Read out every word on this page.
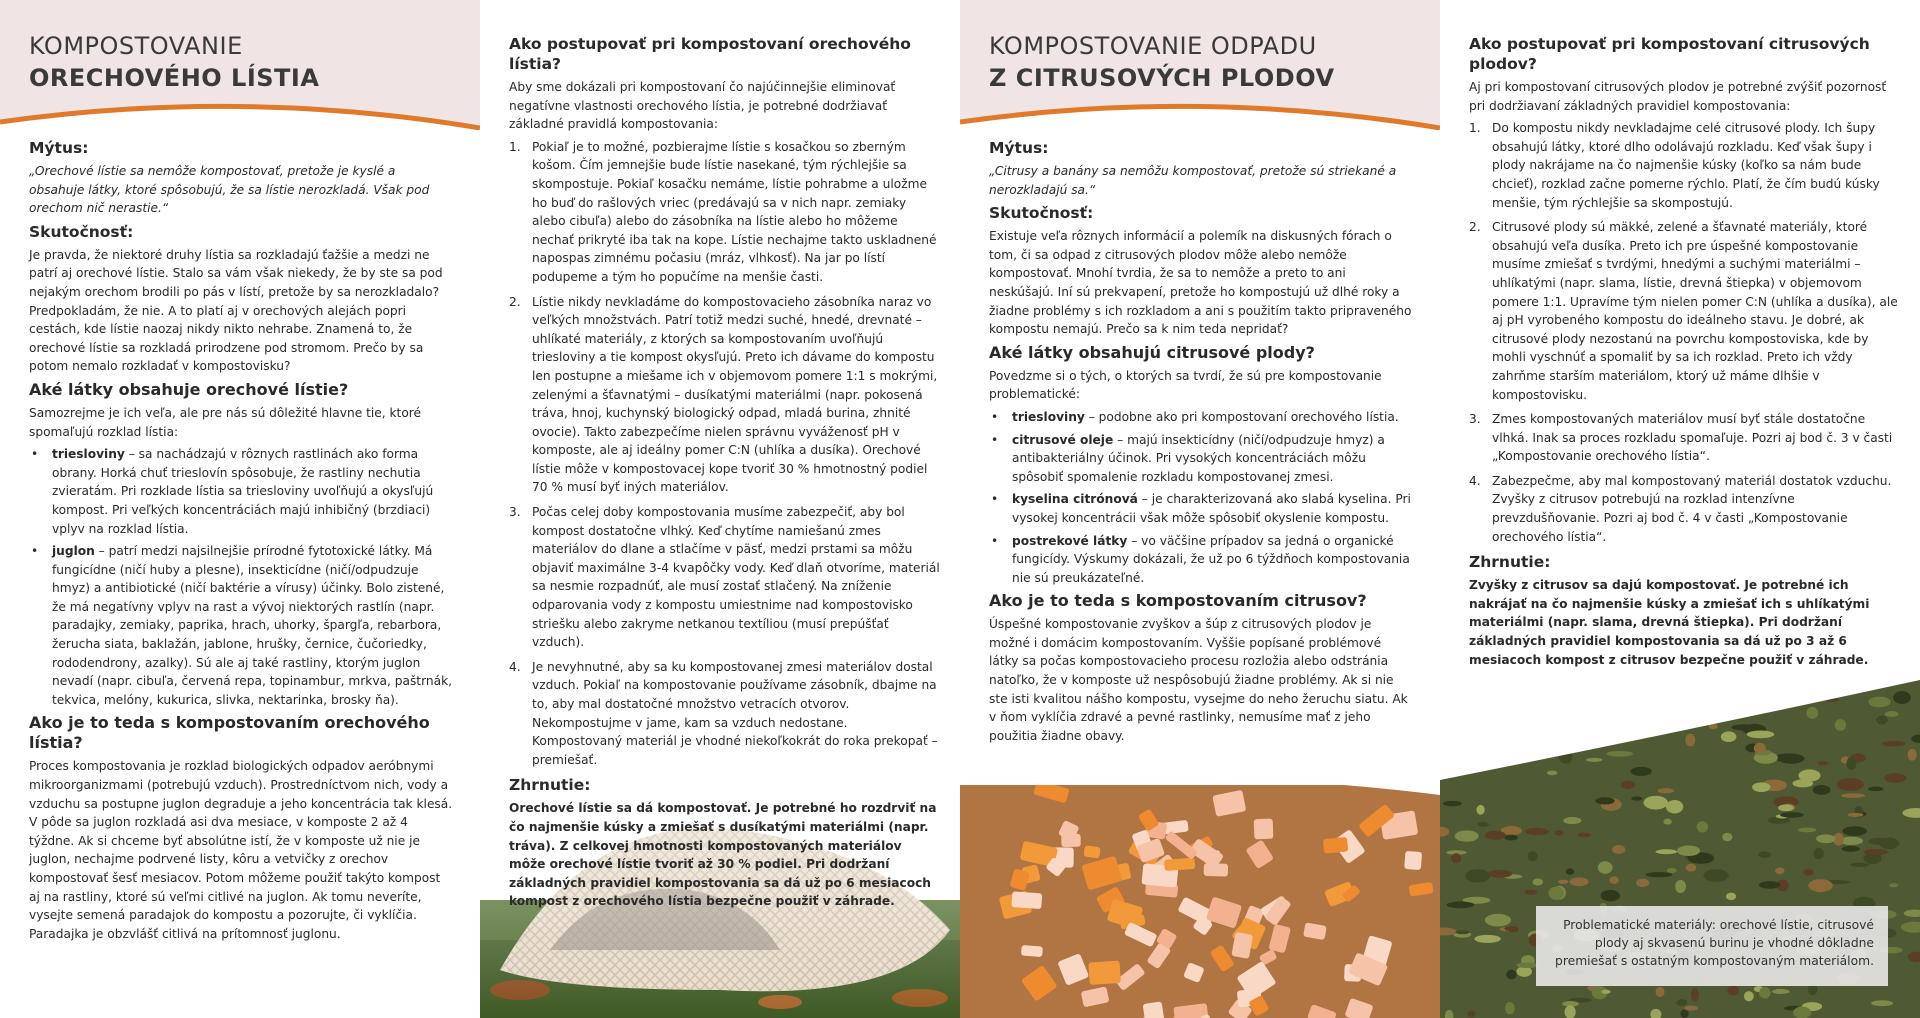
KOMPOSTOVANIE
ORECHOVÉHO LÍSTIA
Mýtus:

„Orechové lístie sa nemôže kompostovať, pretože je kyslé a obsahuje látky, ktoré spôsobujú, že sa lístie nerozkladá. Však pod orechom nič nerastie.“

Skutočnosť:

Je pravda, že niektoré druhy lístia sa rozkladajú ťažšie a medzi ne patrí aj orechové lístie. Stalo sa vám však niekedy, že by ste sa pod nejakým orechom brodili po pás v lístí, pretože by sa nerozkladalo? Predpokladám, že nie. A to platí aj v orechových alejách popri cestách, kde lístie naozaj nikdy nikto nehrabe. Znamená to, že orechové lístie sa rozkladá prirodzene pod stromom. Prečo by sa potom nemalo rozkladať v kompostovisku?

Aké látky obsahuje orechové lístie?

Samozrejme je ich veľa, ale pre nás sú dôležité hlavne tie, ktoré spomaľujú rozklad lístia:

• triesloviny – sa nachádzajú v rôznych rastlinách ako forma obrany. Horká chuť trieslovín spôsobuje, že rastliny nechutia zvieratám. Pri rozklade lístia sa triesloviny uvoľňujú a okysľujú kompost. Pri veľkých koncentráciách majú inhibičný (brzdiaci) vplyv na rozklad lístia.
• juglon – patrí medzi najsilnejšie prírodné fytotoxické látky. Má fungicídne (ničí huby a plesne), insekticídne (ničí/odpudzuje hmyz) a antibiotické (ničí baktérie a vírusy) účinky. Bolo zistené, že má negatívny vplyv na rast a vývoj niektorých rastlín (napr. paradajky, zemiaky, paprika, hrach, uhorky, špargľa, rebarbora, žerucha siata, baklažán, jablone, hrušky, černice, čučoriedky, rododendrony, azalky). Sú ale aj také rastliny, ktorým juglon nevadí (napr. cibuľa, červená repa, topinambur, mrkva, paštrnák, tekvica, melóny, kukurica, slivka, nektarinka, brosky ňa).
Ako je to teda s kompostovaním orechového lístia?

Proces kompostovania je rozklad biologických odpadov aeróbnymi mikroorganizmami (potrebujú vzduch). Prostredníctvom nich, vody a vzduchu sa postupne juglon degraduje a jeho koncentrácia tak klesá. V pôde sa juglon rozkladá asi dva mesiace, v komposte 2 až 4 týždne. Ak si chceme byť absolútne istí, že v komposte už nie je juglon, nechajme podrvené listy, kôru a vetvičky z orechov kompostovať šesť mesiacov. Potom môžeme použiť takýto kompost aj na rastliny, ktoré sú veľmi citlivé na juglon. Ak tomu neveríte, vysejte semená paradajok do kompostu a pozorujte, či vyklíčia. Paradajka je obzvlášť citlivá na prítomnosť juglonu.

Ako postupovať pri kompostovaní orechového lístia?

Aby sme dokázali pri kompostovaní čo najúčinnejšie eliminovať negatívne vlastnosti orechového lístia, je potrebné dodržiavať základné pravidlá kompostovania:

1. Pokiaľ je to možné, pozbierajme lístie s kosačkou so zberným košom. Čím jemnejšie bude lístie nasekané, tým rýchlejšie sa skompostuje. Pokiaľ kosačku nemáme, lístie pohrabme a uložme ho buď do rašlových vriec (predávajú sa v nich napr. zemiaky alebo cibuľa) alebo do zásobníka na lístie alebo ho môžeme nechať prikryté iba tak na kope. Lístie nechajme takto uskladnené napospas zimnému počasiu (mráz, vlhkosť). Na jar po lístí podupeme a tým ho popučíme na menšie časti.
2. Lístie nikdy nevkladáme do kompostovacieho zásobníka naraz vo veľkých množstvách. Patrí totiž medzi suché, hnedé, drevnaté – uhlíkaté materiály, z ktorých sa kompostovaním uvoľňujú triesloviny a tie kompost okysľujú. Preto ich dávame do kompostu len postupne a miešame ich v objemovom pomere 1:1 s mokrými, zelenými a šťavnatými – dusíkatými materiálmi (napr. pokosená tráva, hnoj, kuchynský biologický odpad, mladá burina, zhnité ovocie). Takto zabezpečíme nielen správnu vyváženosť pH v komposte, ale aj ideálny pomer C:N (uhlíka a dusíka). Orechové lístie môže v kompostovacej kope tvoriť 30 % hmotnostný podiel 70 % musí byť iných materiálov.
3. Počas celej doby kompostovania musíme zabezpečiť, aby bol kompost dostatočne vlhký. Keď chytíme namiešanú zmes materiálov do dlane a stlačíme v päsť, medzi prstami sa môžu objaviť maximálne 3-4 kvapôčky vody. Keď dlaň otvoríme, materiál sa nesmie rozpadnúť, ale musí zostať stlačený. Na zníženie odparovania vody z kompostu umiestnime nad kompostovisko striešku alebo zakryme netkanou textíliou (musí prepúšťať vzduch).
4. Je nevyhnutné, aby sa ku kompostovanej zmesi materiálov dostal vzduch. Pokiaľ na kompostovanie používame zásobník, dbajme na to, aby mal dostatočné množstvo vetracích otvorov. Nekompostujme v jame, kam sa vzduch nedostane. Kompostovaný materiál je vhodné niekoľkokrát do roka prekopať – premiešať.
Zhrnutie:

Orechové lístie sa dá kompostovať. Je potrebné ho rozdrviť na čo najmenšie kúsky a zmiešať s dusíkatými materiálmi (napr. tráva). Z celkovej hmotnosti kompostovaných materiálov môže orechové lístie tvoriť až 30 % podiel. Pri dodržaní základných pravidiel kompostovania sa dá už po 6 mesiacoch kompost z orechového lístia bezpečne použiť v záhrade.

KOMPOSTOVANIE ODPADU
Z CITRUSOVÝCH PLODOV
Mýtus:

„Citrusy a banány sa nemôžu kompostovať, pretože sú striekané a nerozkladajú sa.“

Skutočnosť:

Existuje veľa rôznych informácií a polemík na diskusných fórach o tom, či sa odpad z citrusových plodov môže alebo nemôže kompostovať. Mnohí tvrdia, že sa to nemôže a preto to ani neskúšajú. Iní sú prekvapení, pretože ho kompostujú už dlhé roky a žiadne problémy s ich rozkladom a ani s použitím takto pripraveného kompostu nemajú. Prečo sa k nim teda nepridať?

Aké látky obsahujú citrusové plody?

Povedzme si o tých, o ktorých sa tvrdí, že sú pre kompostovanie problematické:

• triesloviny – podobne ako pri kompostovaní orechového lístia.
• citrusové oleje – majú insekticídny (ničí/odpudzuje hmyz) a antibakteriálny účinok. Pri vysokých koncentráciách môžu spôsobiť spomalenie rozkladu kompostovanej zmesi.
• kyselina citrónová – je charakterizovaná ako slabá kyselina. Pri vysokej koncentrácii však môže spôsobiť okyslenie kompostu.
• postrekové látky – vo väčšine prípadov sa jedná o organické fungicídy. Výskumy dokázali, že už po 6 týždňoch kompostovania nie sú preukázateľné.
Ako je to teda s kompostovaním citrusov?

Úspešné kompostovanie zvyškov a šúp z citrusových plodov je možné i domácim kompostovaním. Vyššie popísané problémové látky sa počas kompostovacieho procesu rozložia alebo odstránia natoľko, že v komposte už nespôsobujú žiadne problémy. Ak si nie ste isti kvalitou nášho kompostu, vysejme do neho žeruchu siatu. Ak v ňom vyklíčia zdravé a pevné rastlinky, nemusíme mať z jeho použitia žiadne obavy.

Ako postupovať pri kompostovaní citrusových plodov?

Aj pri kompostovaní citrusových plodov je potrebné zvýšiť pozornosť pri dodržiavaní základných pravidiel kompostovania:

1. Do kompostu nikdy nevkladajme celé citrusové plody. Ich šupy obsahujú látky, ktoré dlho odolávajú rozkladu. Keď však šupy i plody nakrájame na čo najmenšie kúsky (koľko sa nám bude chcieť), rozklad začne pomerne rýchlo. Platí, že čím budú kúsky menšie, tým rýchlejšie sa skompostujú.
2. Citrusové plody sú mäkké, zelené a šťavnaté materiály, ktoré obsahujú veľa dusíka. Preto ich pre úspešné kompostovanie musíme zmiešať s tvrdými, hnedými a suchými materiálmi – uhlíkatými (napr. slama, lístie, drevná štiepka) v objemovom pomere 1:1. Upravíme tým nielen pomer C:N (uhlíka a dusíka), ale aj pH vyrobeného kompostu do ideálneho stavu. Je dobré, ak citrusové plody nezostanú na povrchu kompostoviska, kde by mohli vyschnúť a spomaliť by sa ich rozklad. Preto ich vždy zahrňme starším materiálom, ktorý už máme dlhšie v kompostovisku.
3. Zmes kompostovaných materiálov musí byť stále dostatočne vlhká. Inak sa proces rozkladu spomaľuje. Pozri aj bod č. 3 v časti „Kompostovanie orechového lístia“.
4. Zabezpečme, aby mal kompostovaný materiál dostatok vzduchu. Zvyšky z citrusov potrebujú na rozklad intenzívne prevzdušňovanie. Pozri aj bod č. 4 v časti „Kompostovanie orechového lístia“.
Zhrnutie:

Zvyšky z citrusov sa dajú kompostovať. Je potrebné ich nakrájať na čo najmenšie kúsky a zmiešať ich s uhlíkatými materiálmi (napr. slama, drevná štiepka). Pri dodržaní základných pravidiel kompostovania sa dá už po 3 až 6 mesiacoch kompost z citrusov bezpečne použiť v záhrade.

Problematické materiály: orechové lístie, citrusové plody aj skvasenú burinu je vhodné dôkladne premiešať s ostatným kompostovaným materiálom.
